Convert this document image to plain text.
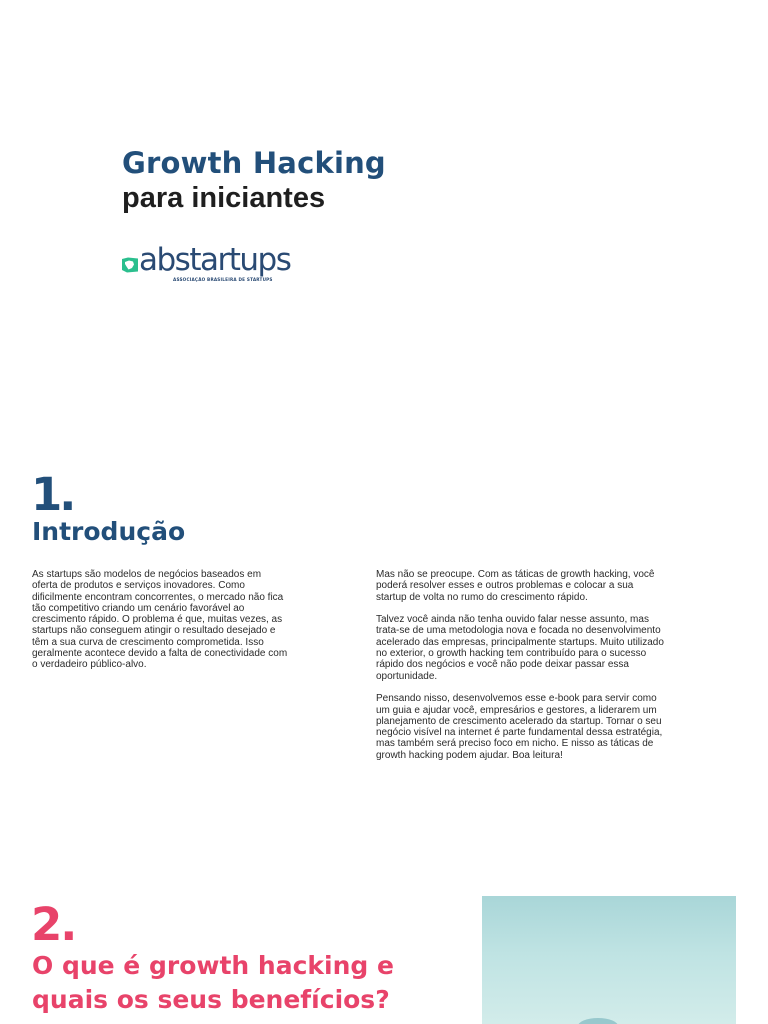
Growth Hacking
para iniciantes
abstartups
ASSOCIAÇÃO BRASILEIRA DE STARTUPS
1.
Introdução

As startups são modelos de negócios baseados em oferta de produtos e serviços inovadores. Como dificilmente encontram concorrentes, o mercado não fica tão competitivo criando um cenário favorável ao crescimento rápido. O problema é que, muitas vezes, as startups não conseguem atingir o resultado desejado e têm a sua curva de crescimento comprometida. Isso geralmente acontece devido a falta de conectividade com o verdadeiro público-alvo.

Mas não se preocupe. Com as táticas de growth hacking, você poderá resolver esses e outros problemas e colocar a sua startup de volta no rumo do crescimento rápido.

Talvez você ainda não tenha ouvido falar nesse assunto, mas trata-se de uma metodologia nova e focada no desenvolvimento acelerado das empresas, principalmente startups. Muito utilizado no exterior, o growth hacking tem contribuído para o sucesso rápido dos negócios e você não pode deixar passar essa oportunidade.

Pensando nisso, desenvolvemos esse e-book para servir como um guia e ajudar você, empresários e gestores, a liderarem um planejamento de crescimento acelerado da startup. Tornar o seu negócio visível na internet é parte fundamental dessa estratégia, mas também será preciso foco em nicho. E nisso as táticas de growth hacking podem ajudar. Boa leitura!

2.
O que é growth hacking e quais os seus benefícios?
